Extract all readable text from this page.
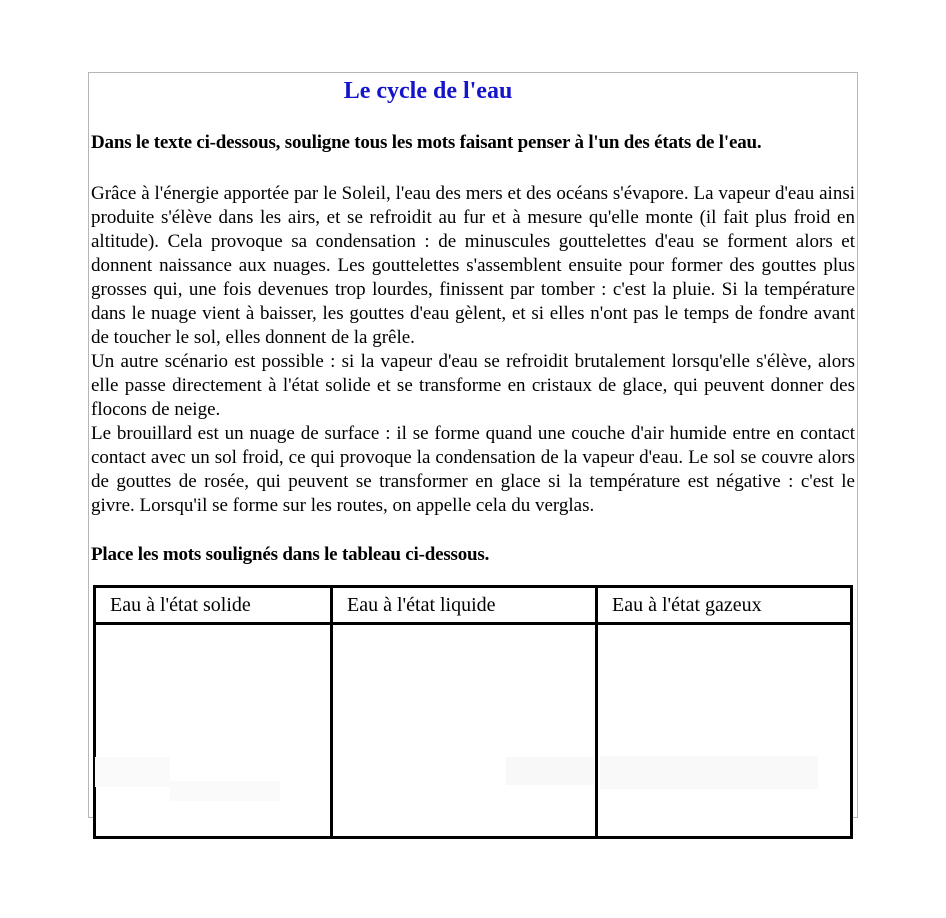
Le cycle de l'eau
Dans le texte ci-dessous, souligne tous les mots faisant penser à l'un des états de l'eau.
Grâce à l'énergie apportée par le Soleil, l'eau des mers et des océans s'évapore. La vapeur d'eau ainsi produite s'élève dans les airs, et se refroidit au fur et à mesure qu'elle monte (il fait plus froid en altitude). Cela provoque sa condensation : de minuscules gouttelettes d'eau se forment alors et donnent naissance aux nuages. Les gouttelettes s'assemblent ensuite pour former des gouttes plus grosses qui, une fois devenues trop lourdes, finissent par tomber : c'est la pluie. Si la température dans le nuage vient à baisser, les gouttes d'eau gèlent, et si elles n'ont pas le temps de fondre avant de toucher le sol, elles donnent de la grêle.
Un autre scénario est possible : si la vapeur d'eau se refroidit brutalement lorsqu'elle s'élève, alors elle passe directement à l'état solide et se transforme en cristaux de glace, qui peuvent donner des flocons de neige.
Le brouillard est un nuage de surface : il se forme quand une couche d'air humide entre en contact contact avec un sol froid, ce qui provoque la condensation de la vapeur d'eau. Le sol se couvre alors de gouttes de rosée, qui peuvent se transformer en glace si la température est négative : c'est le givre. Lorsqu'il se forme sur les routes, on appelle cela du verglas.
Place les mots soulignés dans le tableau ci-dessous.
Eau à l'état solide	Eau à l'état liquide	Eau à l'état gazeux
